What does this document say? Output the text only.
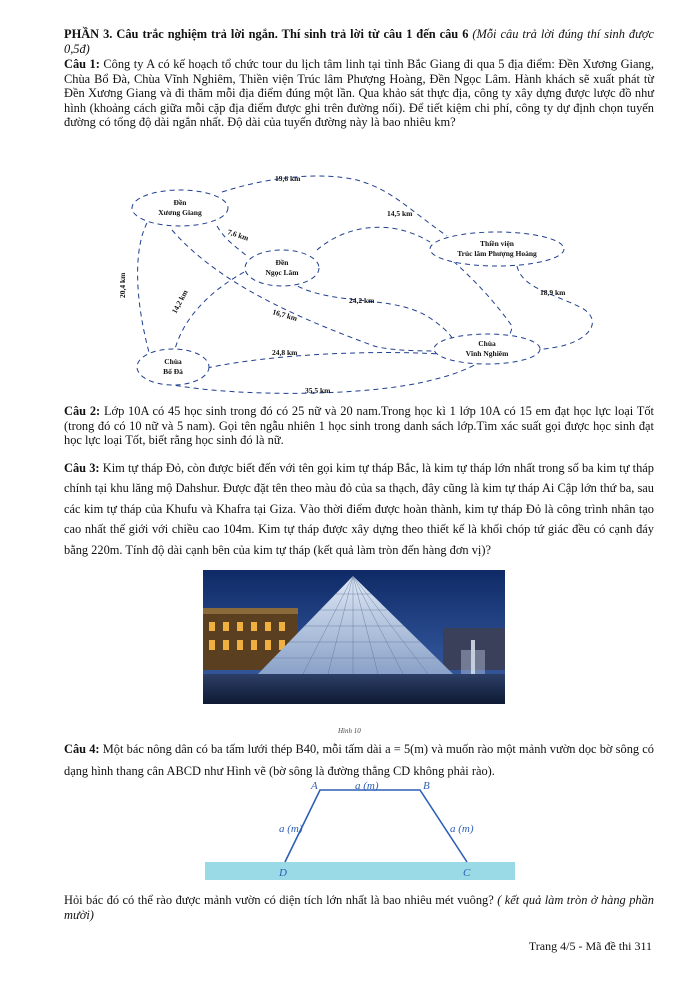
PHẦN 3. Câu trắc nghiệm trả lời ngắn. Thí sinh trả lời từ câu 1 đến câu 6 (Mỗi câu trả lời đúng thí sinh được 0,5đ)
Câu 1: Công ty A có kế hoạch tổ chức tour du lịch tâm linh tại tỉnh Bắc Giang đi qua 5 địa điểm: Đền Xương Giang, Chùa Bổ Đà, Chùa Vĩnh Nghiêm, Thiền viện Trúc lâm Phượng Hoàng, Đền Ngọc Lâm. Hành khách sẽ xuất phát từ Đền Xương Giang và đi thăm mỗi địa điểm đúng một lần. Qua khảo sát thực địa, công ty xây dựng được lược đồ như hình (khoảng cách giữa mỗi cặp địa điểm được ghi trên đường nối). Để tiết kiệm chi phí, công ty dự định chọn tuyến đường có tổng độ dài ngắn nhất. Độ dài của tuyến đường này là bao nhiêu km?
Đền
Xương Giang
Đền
Ngọc Lâm
Thiền viện
Trúc lâm Phượng Hoàng
Chùa
Vĩnh Nghiêm
Chùa
Bổ Đà
19,6 km
7,6 km
14,5 km
20,4 km
14,2 km	24,2 km
16,7 km
18,9 km
24,8 km
35,5 km
Câu 2: Lớp 10A có 45 học sinh trong đó có 25 nữ và 20 nam.Trong học kì 1 lớp 10A có 15 em đạt học lực loại Tốt (trong đó có 10 nữ và 5 nam). Gọi tên ngẫu nhiên 1 học sinh trong danh sách lớp.Tìm xác suất gọi được học sinh đạt học lực loại Tốt, biết rằng học sinh đó là nữ.
Câu 3: Kim tự tháp Đỏ, còn được biết đến với tên gọi kim tự tháp Bắc, là kim tự tháp lớn nhất trong số ba kim tự tháp chính tại khu lăng mộ Dahshur. Được đặt tên theo màu đỏ của sa thạch, đây cũng là kim tự tháp Ai Cập lớn thứ ba, sau các kim tự tháp của Khufu và Khafra tại Giza. Vào thời điểm được hoàn thành, kim tự tháp Đỏ là công trình nhân tạo cao nhất thế giới với chiều cao 104m. Kim tự tháp được xây dựng theo thiết kế là khối chóp tứ giác đều có cạnh đáy bằng 220m. Tính độ dài cạnh bên của kim tự tháp (kết quả làm tròn đến hàng đơn vị)?
Hình 10
Câu 4: Một bác nông dân có ba tấm lưới thép B40, mỗi tấm dài a = 5(m) và muốn rào một mảnh vườn dọc bờ sông có dạng hình thang cân ABCD như Hình vẽ (bờ sông là đường thẳng CD không phải rào).
A	B
D	C
a (m)
a (m)	a (m)
Hỏi bác đó có thể rào được mảnh vườn có diện tích lớn nhất là bao nhiêu mét vuông? ( kết quả làm tròn ở hàng phần mười)
Trang 4/5 - Mã đề thi 311
